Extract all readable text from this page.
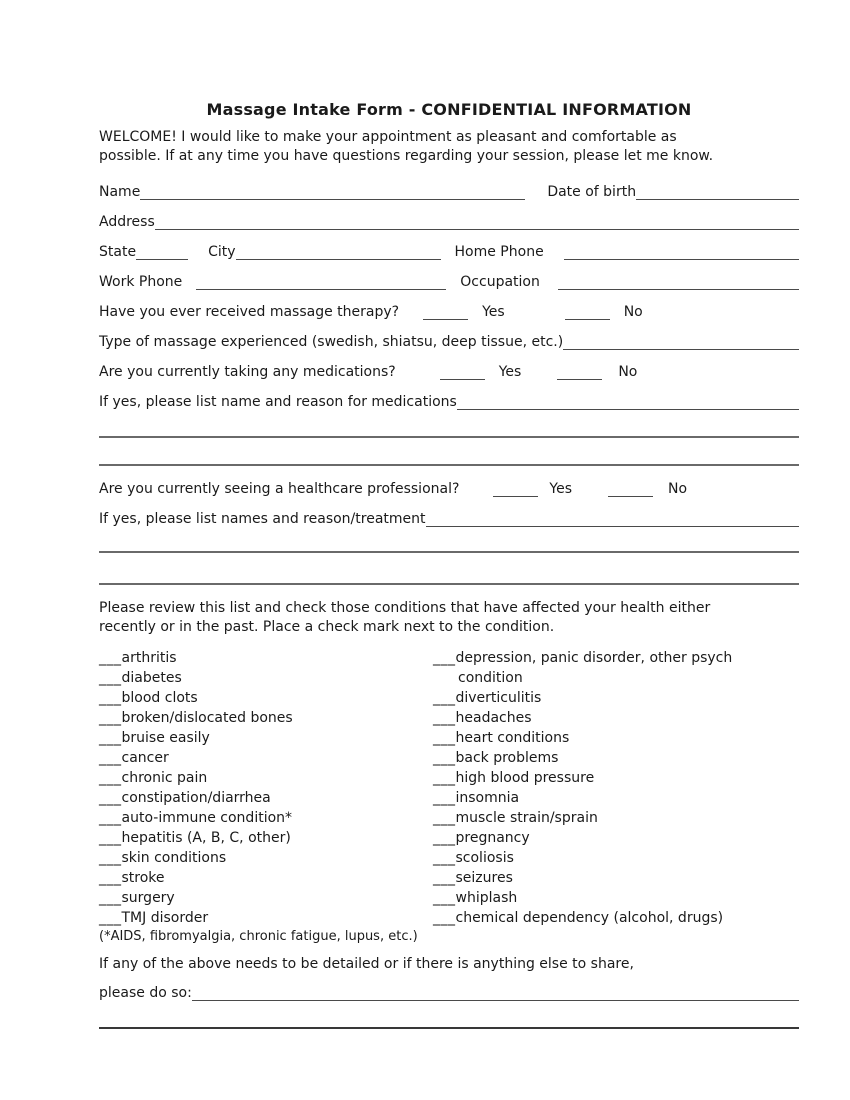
Massage Intake Form - CONFIDENTIAL INFORMATION
WELCOME! I would like to make your appointment as pleasant and comfortable as
possible. If at any time you have questions regarding your session, please let me know.
Name	Date of birth
Address
State	City	Home Phone
Work Phone	Occupation
Have you ever received massage therapy?	Yes	No
Type of massage experienced (swedish, shiatsu, deep tissue, etc.)
Are you currently taking any medications?	Yes	No
If yes, please list name and reason for medications
Are you currently seeing a healthcare professional?	Yes	No
If yes, please list names and reason/treatment
Please review this list and check those conditions that have affected your health either
recently or in the past. Place a check mark next to the condition.
___arthritis
___diabetes
___blood clots
___broken/dislocated bones
___bruise easily
___cancer
___chronic pain
___constipation/diarrhea
___auto-immune condition*
___hepatitis (A, B, C, other)
___skin conditions
___stroke
___surgery
___TMJ disorder
___depression, panic disorder, other psych condition
___diverticulitis
___headaches
___heart conditions
___back problems
___high blood pressure
___insomnia
___muscle strain/sprain
___pregnancy
___scoliosis
___seizures
___whiplash
___chemical dependency (alcohol, drugs)
(*AIDS, fibromyalgia, chronic fatigue, lupus, etc.)
If any of the above needs to be detailed or if there is anything else to share,
please do so:
